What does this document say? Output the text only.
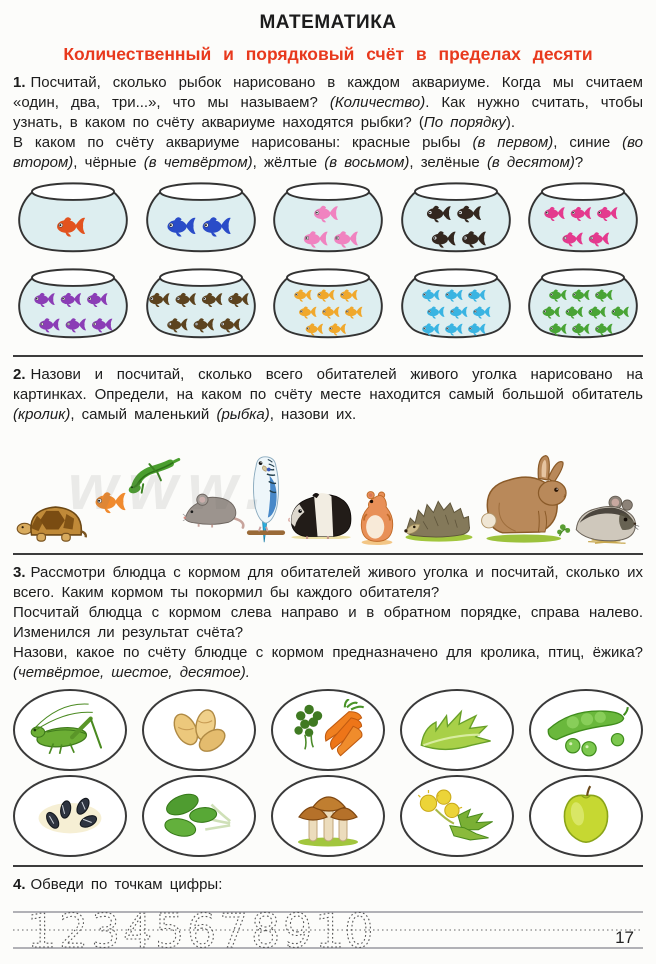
МАТЕМАТИКА
Количественный и порядковый счёт в пределах десяти
1. Посчитай, сколько рыбок нарисовано в каждом аквариуме. Когда мы считаем «один, два, три...», что мы называем? (Количество). Как нужно считать, чтобы узнать, в каком по счёту аквариуме находятся рыбки? (По порядку).
В каком по счёту аквариуме нарисованы: красные рыбы (в первом), синие (во втором), чёрные (в четвёртом), жёлтые (в восьмом), зелёные (в десятом)?
2. Назови и посчитай, сколько всего обитателей живого уголка нарисовано на картинках. Определи, на каком по счёту месте находится самый большой обитатель (кролик), самый маленький (рыбка), назови их.
www.
3. Рассмотри блюдца с кормом для обитателей живого уголка и посчитай, сколько их всего. Каким кормом ты покормил бы каждого обитателя?
Посчитай блюдца с кормом слева направо и в обратном порядке, справа налево. Изменился ли результат счёта?
Назови, какое по счёту блюдце с кормом предназначено для кролика, птиц, ёжика? (четвёртое, шестое, десятое).
4. Обведи по точкам цифры:
1 2 3 4 5 6 7 8 9 10	17
